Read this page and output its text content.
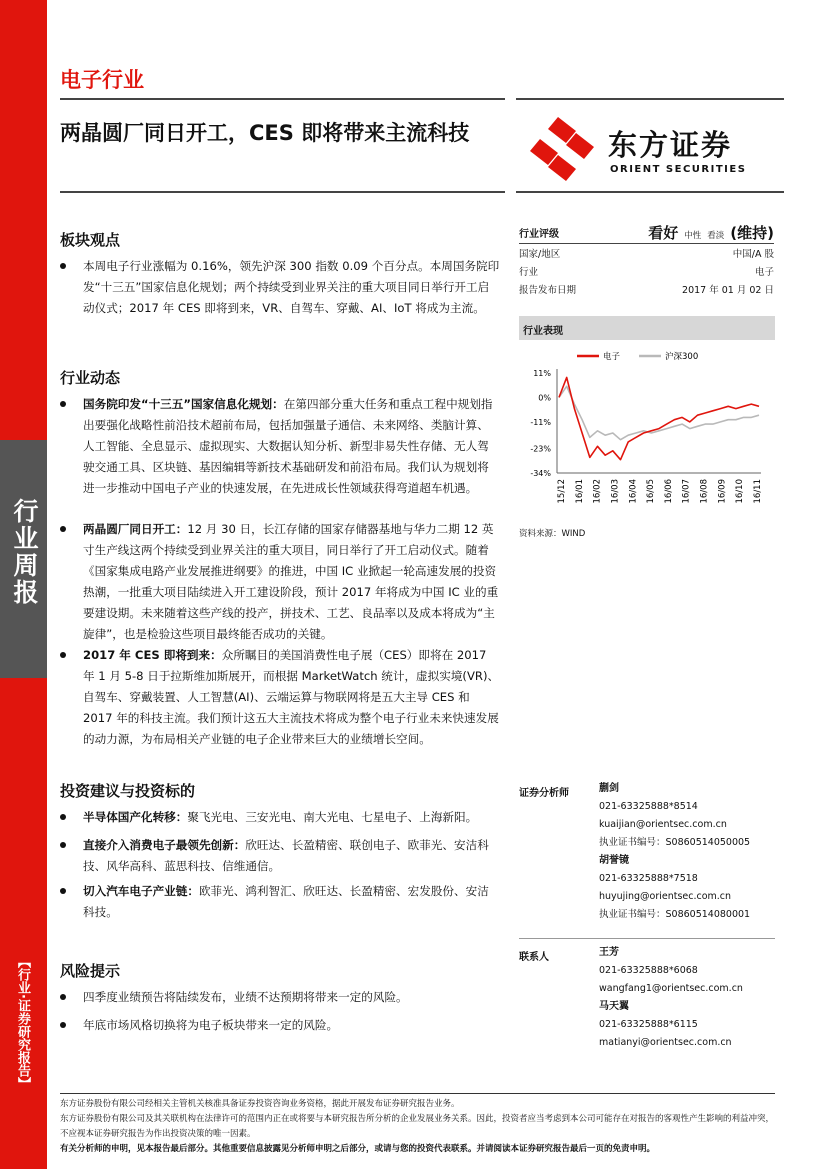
行业周报
【行业·证券研究报告】
电子行业
两晶圆厂同日开工，CES 即将带来主流科技	东方证券
ORIENT SECURITIES
板块观点
本周电子行业涨幅为 0.16%，领先沪深 300 指数 0.09 个百分点。本周国务院印发“十三五”国家信息化规划；两个持续受到业界关注的重大项目同日举行开工启动仪式；2017 年 CES 即将到来，VR、自驾车、穿戴、AI、IoT 将成为主流。
行业动态
国务院印发“十三五”国家信息化规划：在第四部分重大任务和重点工程中规划指出要强化战略性前沿技术超前布局，包括加强量子通信、未来网络、类脑计算、人工智能、全息显示、虚拟现实、大数据认知分析、新型非易失性存储、无人驾驶交通工具、区块链、基因编辑等新技术基础研发和前沿布局。我们认为规划将进一步推动中国电子产业的快速发展，在先进成长性领域获得弯道超车机遇。
两晶圆厂同日开工：12 月 30 日，长江存储的国家存储器基地与华力二期 12 英寸生产线这两个持续受到业界关注的重大项目，同日举行了开工启动仪式。随着《国家集成电路产业发展推进纲要》的推进，中国 IC 业掀起一轮高速发展的投资热潮，一批重大项目陆续进入开工建设阶段，预计 2017 年将成为中国 IC 业的重要建设期。未来随着这些产线的投产，拼技术、工艺、良品率以及成本将成为“主旋律”，也是检验这些项目最终能否成功的关键。
2017 年 CES 即将到来：众所瞩目的美国消费性电子展（CES）即将在 2017 年 1 月 5-8 日于拉斯维加斯展开，而根据 MarketWatch 统计，虚拟实境(VR)、自驾车、穿戴装置、人工智慧(AI)、云端运算与物联网将是五大主导 CES 和 2017 年的科技主流。我们预计这五大主流技术将成为整个电子行业未来快速发展的动力源，为布局相关产业链的电子企业带来巨大的业绩增长空间。
投资建议与投资标的
半导体国产化转移：聚飞光电、三安光电、南大光电、七星电子、上海新阳。
直接介入消费电子最领先创新：欣旺达、长盈精密、联创电子、欧菲光、安洁科技、风华高科、蓝思科技、信维通信。
切入汽车电子产业链：欧菲光、鸿利智汇、欣旺达、长盈精密、宏发股份、安洁科技。
风险提示
四季度业绩预告将陆续发布，业绩不达预期将带来一定的风险。
年底市场风格切换将为电子板块带来一定的风险。
行业评级	看好 中性 看淡 (维持)
国家/地区	中国/A 股
行业	电子
报告发布日期	2017 年 01 月 02 日
行业表现
11%
0%
-11%
-23%
-34%
15/12 16/01 16/02 16/03 16/04 16/05 16/06 16/07 16/08 16/09 16/10 16/11
电子	沪深300
资料来源：WIND
证券分析师	蒯剑
021-63325888*8514
kuaijian@orientsec.com.cn
执业证书编号：S0860514050005
胡誉镜
021-63325888*7518
huyujing@orientsec.com.cn
执业证书编号：S0860514080001
联系人	王芳
021-63325888*6068
wangfang1@orientsec.com.cn
马天翼
021-63325888*6115
matianyi@orientsec.com.cn
东方证券股份有限公司经相关主管机关核准具备证券投资咨询业务资格，据此开展发布证券研究报告业务。
东方证券股份有限公司及其关联机构在法律许可的范围内正在或将要与本研究报告所分析的企业发展业务关系。因此，投资者应当考虑到本公司可能存在对报告的客观性产生影响的利益冲突，不应视本证券研究报告为作出投资决策的唯一因素。
有关分析师的申明，见本报告最后部分。其他重要信息披露见分析师申明之后部分，或请与您的投资代表联系。并请阅读本证券研究报告最后一页的免责申明。
